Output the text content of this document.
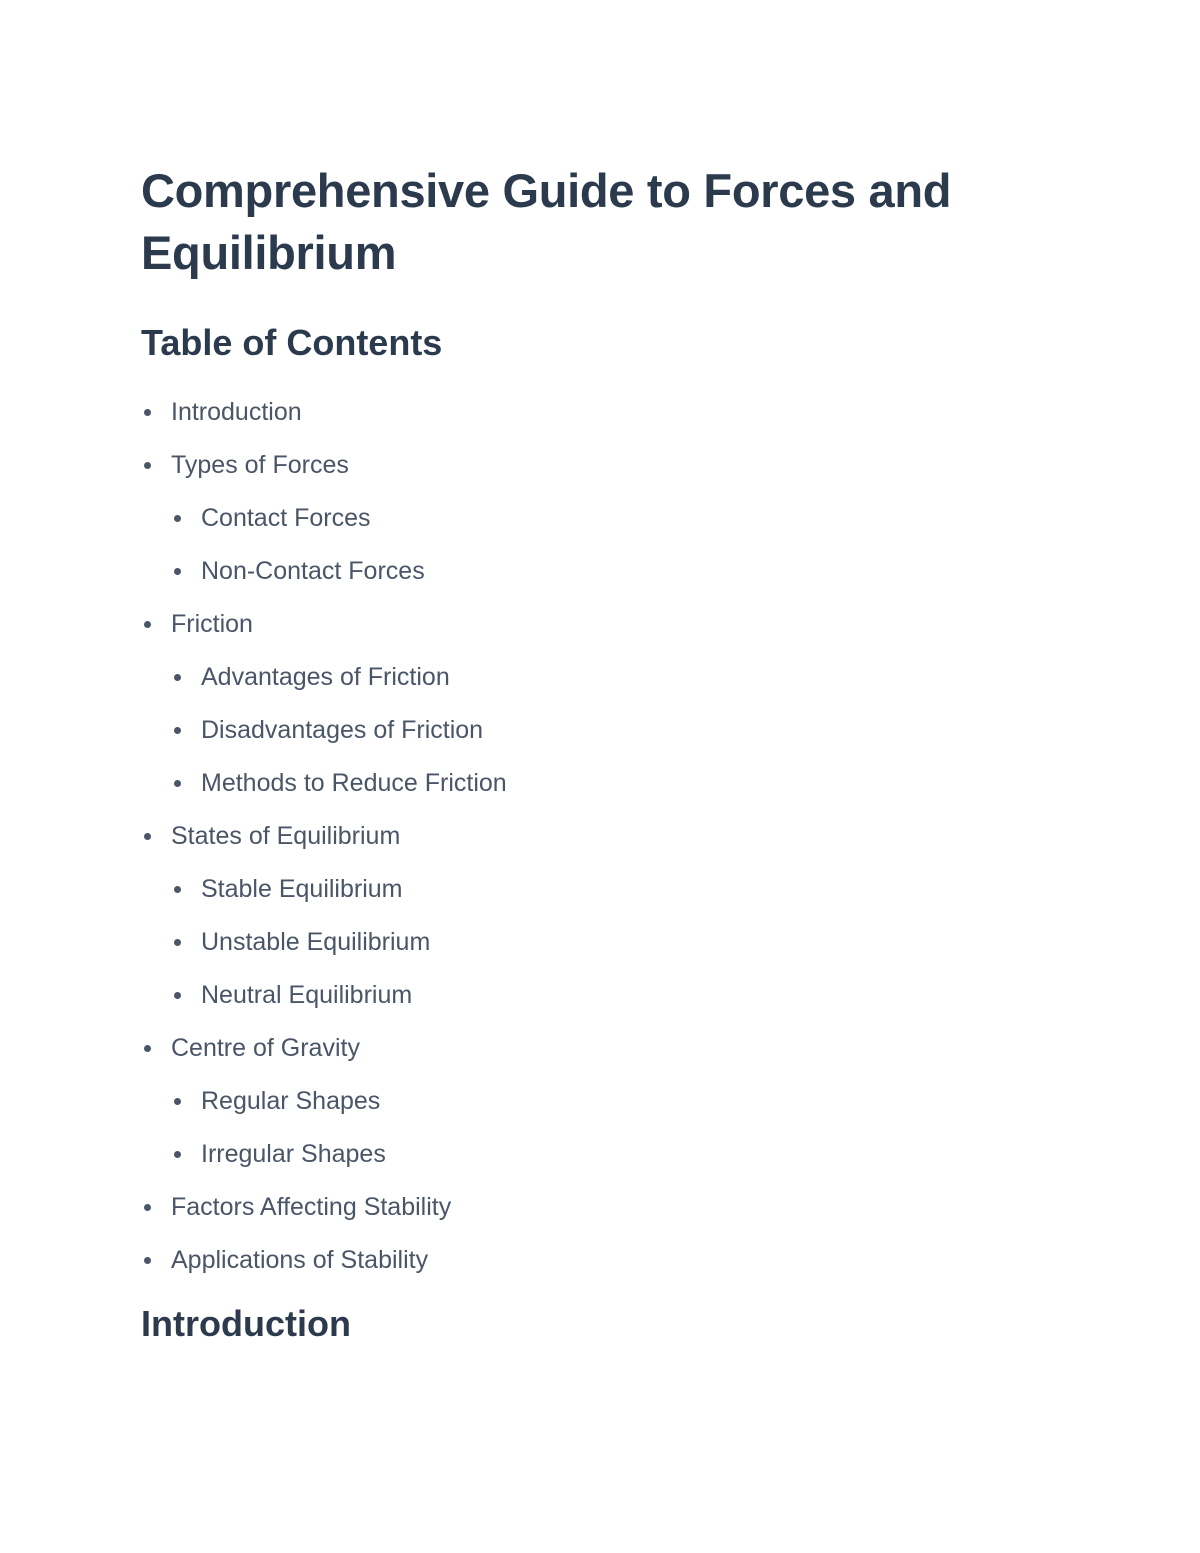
Comprehensive Guide to Forces and Equilibrium
Table of Contents
Introduction
Types of Forces
Contact Forces
Non-Contact Forces
Friction
Advantages of Friction
Disadvantages of Friction
Methods to Reduce Friction
States of Equilibrium
Stable Equilibrium
Unstable Equilibrium
Neutral Equilibrium
Centre of Gravity
Regular Shapes
Irregular Shapes
Factors Affecting Stability
Applications of Stability
Introduction
